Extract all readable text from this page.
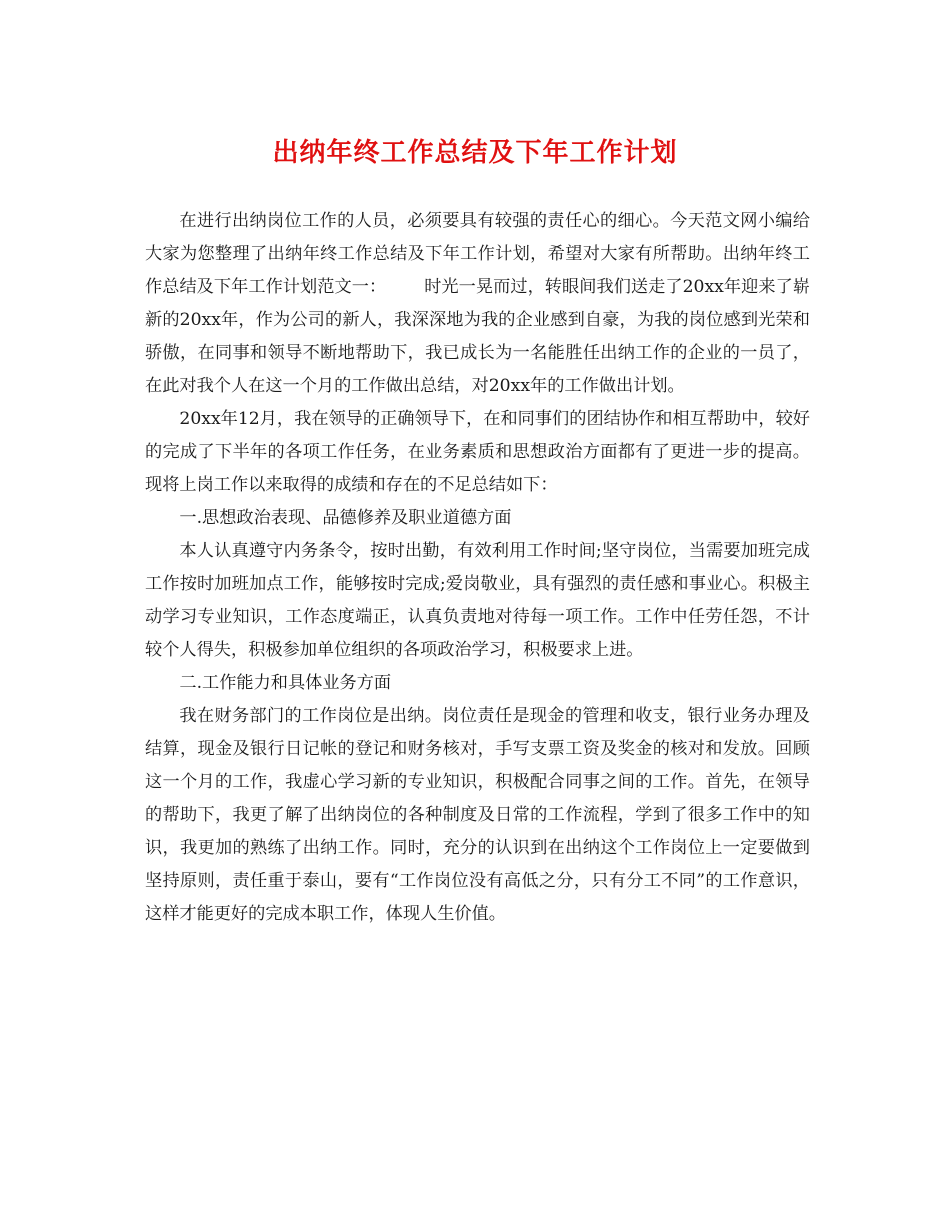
出纳年终工作总结及下年工作计划

在进行出纳岗位工作的人员，必须要具有较强的责任心的细心。今天范文网小编给大家为您整理了出纳年终工作总结及下年工作计划，希望对大家有所帮助。出纳年终工作总结及下年工作计划范文一： 时光一晃而过，转眼间我们送走了20xx年迎来了崭新的20xx年，作为公司的新人，我深深地为我的企业感到自豪，为我的岗位感到光荣和骄傲，在同事和领导不断地帮助下，我已成长为一名能胜任出纳工作的企业的一员了，在此对我个人在这一个月的工作做出总结，对20xx年的工作做出计划。

20xx年12月，我在领导的正确领导下，在和同事们的团结协作和相互帮助中，较好的完成了下半年的各项工作任务，在业务素质和思想政治方面都有了更进一步的提高。现将上岗工作以来取得的成绩和存在的不足总结如下：

一.思想政治表现、品德修养及职业道德方面

本人认真遵守内务条令，按时出勤，有效利用工作时间;坚守岗位，当需要加班完成工作按时加班加点工作，能够按时完成;爱岗敬业，具有强烈的责任感和事业心。积极主动学习专业知识，工作态度端正，认真负责地对待每一项工作。工作中任劳任怨，不计较个人得失，积极参加单位组织的各项政治学习，积极要求上进。

二.工作能力和具体业务方面

我在财务部门的工作岗位是出纳。岗位责任是现金的管理和收支，银行业务办理及结算，现金及银行日记帐的登记和财务核对，手写支票工资及奖金的核对和发放。回顾这一个月的工作，我虚心学习新的专业知识，积极配合同事之间的工作。首先，在领导的帮助下，我更了解了出纳岗位的各种制度及日常的工作流程，学到了很多工作中的知识，我更加的熟练了出纳工作。同时，充分的认识到在出纳这个工作岗位上一定要做到坚持原则，责任重于泰山，要有“工作岗位没有高低之分，只有分工不同”的工作意识，这样才能更好的完成本职工作，体现人生价值。
